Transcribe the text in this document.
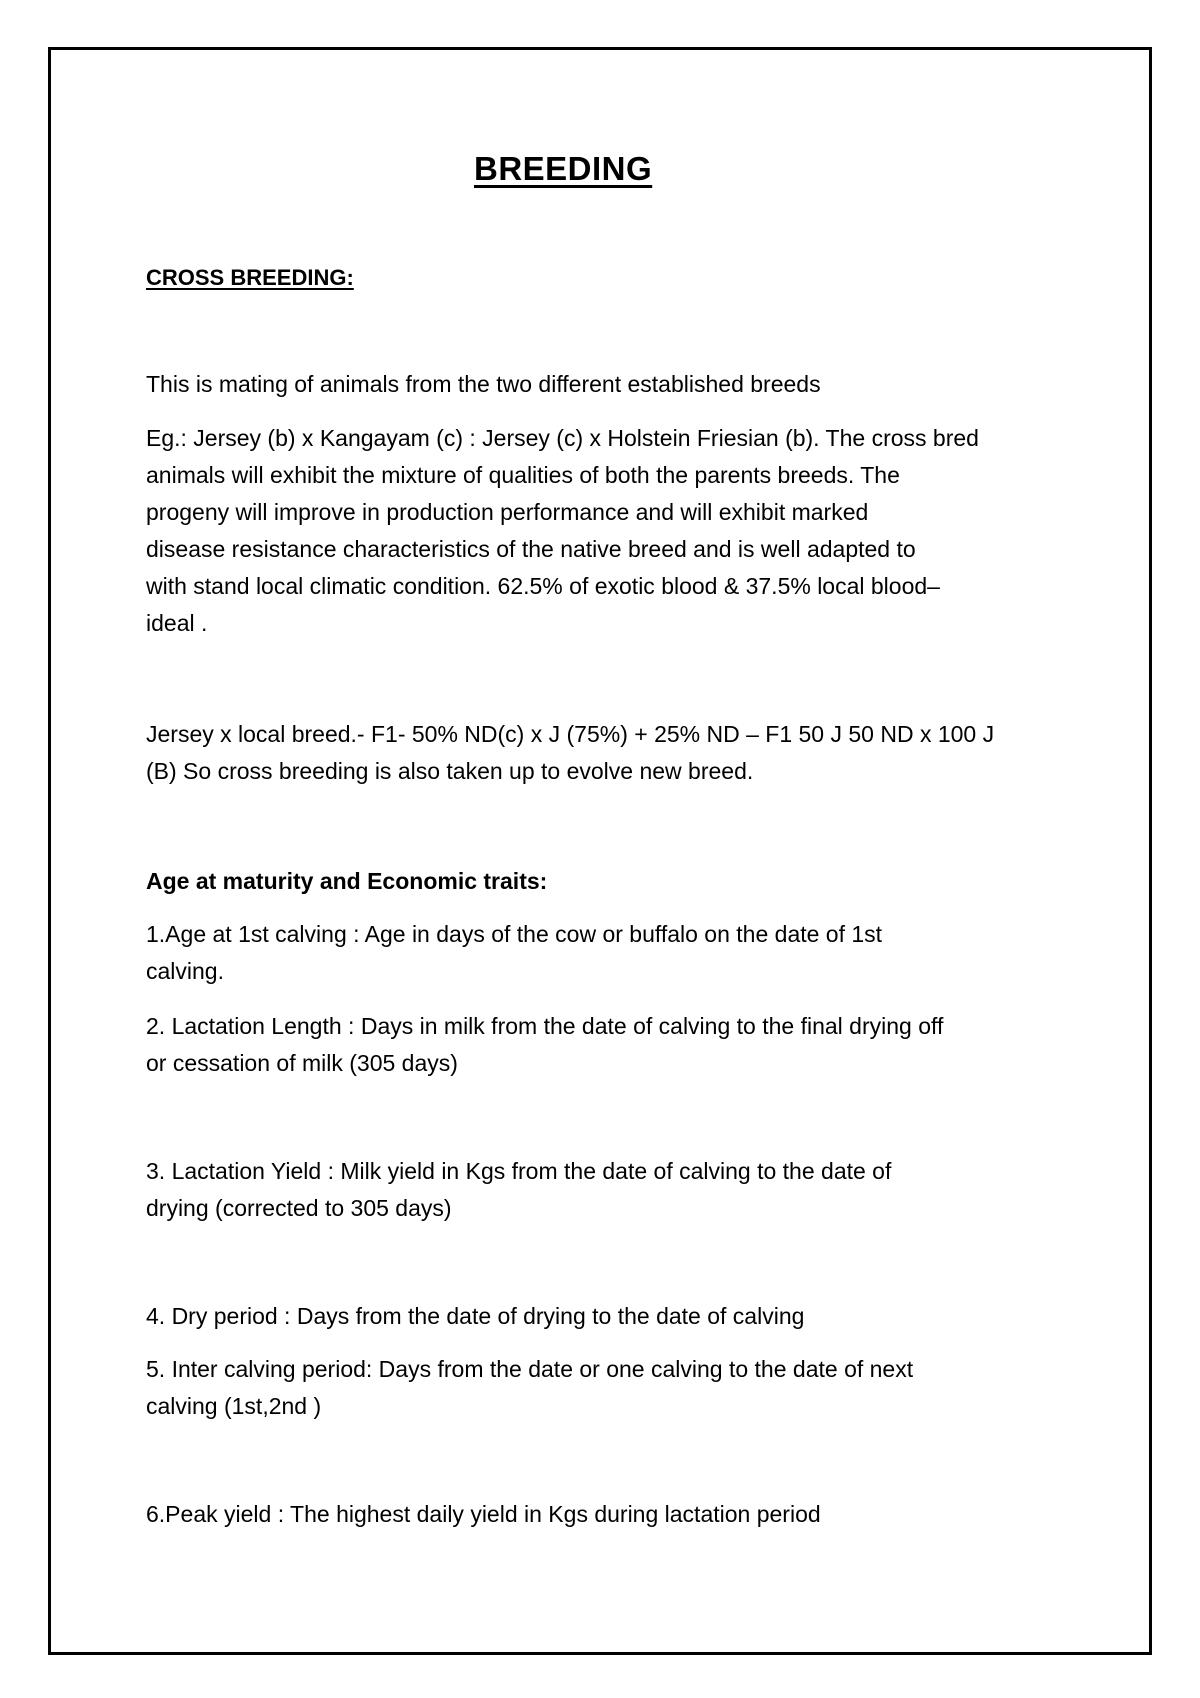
BREEDING
CROSS BREEDING:

This is mating of animals from the two different established breeds

Eg.: Jersey (b) x Kangayam (c) : Jersey (c) x Holstein Friesian (b). The cross bred
animals will exhibit the mixture of qualities of both the parents breeds. The
progeny will improve in production performance and will exhibit marked
disease resistance characteristics of the native breed and is well adapted to
with stand local climatic condition. 62.5% of exotic blood & 37.5% local blood–
ideal .

Jersey x local breed.- F1- 50% ND(c) x J (75%) + 25% ND – F1 50 J 50 ND x 100 J
(B) So cross breeding is also taken up to evolve new breed.

Age at maturity and Economic traits:

1.Age at 1st calving : Age in days of the cow or buffalo on the date of 1st
calving.

2. Lactation Length : Days in milk from the date of calving to the final drying off
or cessation of milk (305 days)

3. Lactation Yield : Milk yield in Kgs from the date of calving to the date of
drying (corrected to 305 days)

4. Dry period : Days from the date of drying to the date of calving

5. Inter calving period: Days from the date or one calving to the date of next
calving (1st,2nd )

6.Peak yield : The highest daily yield in Kgs during lactation period
